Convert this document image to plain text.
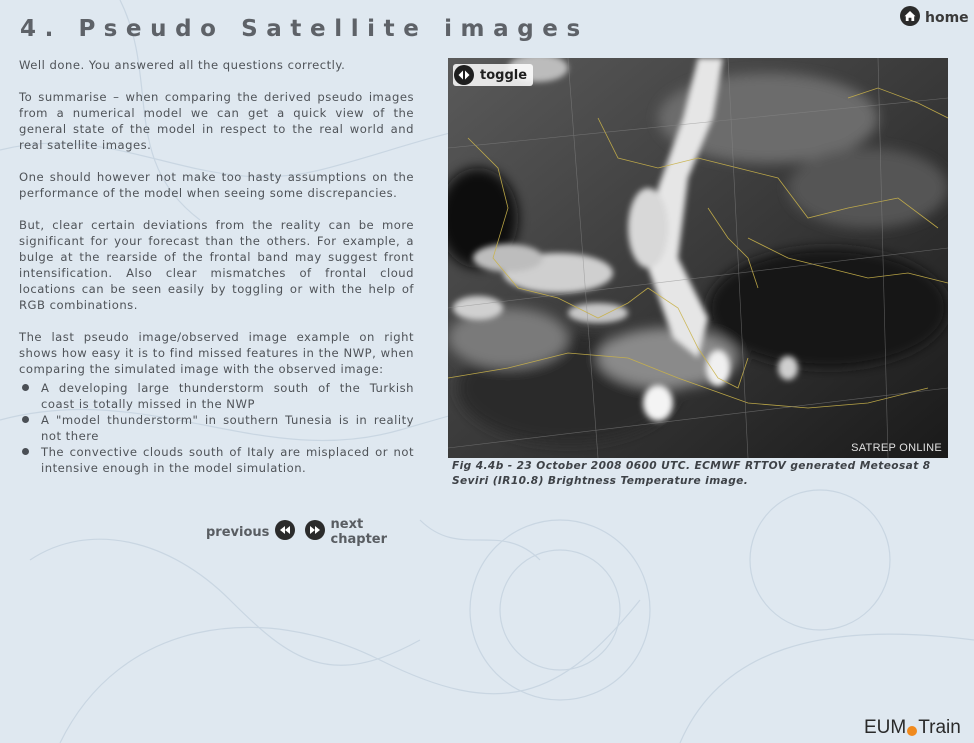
4. Pseudo Satellite images	home

Well done. You answered all the questions correctly.

To summarise – when comparing the derived pseudo images from a numerical model we can get a quick view of the general state of the model in respect to the real world and real satellite images.

One should however not make too hasty assumptions on the performance of the model when seeing some discrepancies.

But, clear certain deviations from the reality can be more significant for your forecast than the others. For example, a bulge at the rearside of the frontal band may suggest front intensification. Also clear mismatches of frontal cloud locations can be seen easily by toggling or with the help of RGB combinations.

The last pseudo image/observed image example on right shows how easy it is to find missed features in the NWP, when comparing the simulated image with the observed image:

A developing large thunderstorm south of the Turkish coast is totally missed in the NWP
A "model thunderstorm" in southern Tunesia is in reality not there
The convective clouds south of Italy are misplaced or not intensive enough in the model simulation.
previous	next chapter
toggle
SATREP ONLINE
Fig 4.4b - 23 October 2008 0600 UTC. ECMWF RTTOV generated Meteosat 8 Seviri (IR10.8) Brightness Temperature image.
EUM Train
